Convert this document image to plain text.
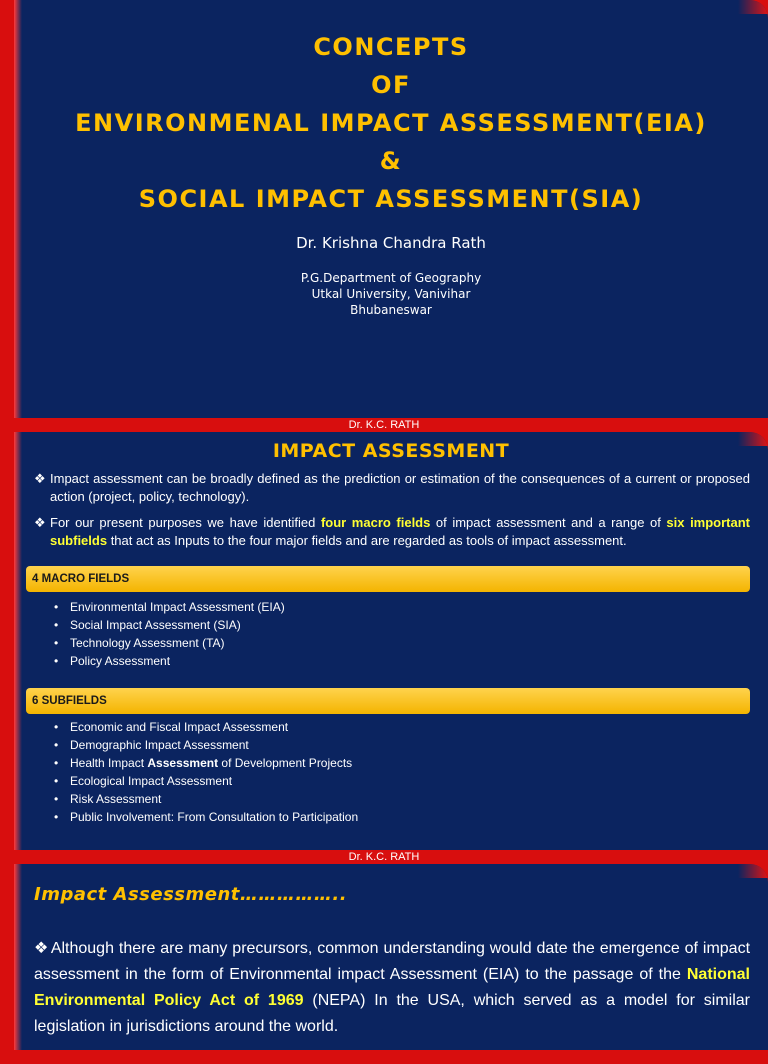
CONCEPTS
OF
ENVIRONMENAL IMPACT ASSESSMENT(EIA)
&
SOCIAL IMPACT ASSESSMENT(SIA)
Dr. Krishna Chandra Rath
P.G.Department of Geography
Utkal University, Vanivihar
Bhubaneswar
Dr. K.C. RATH
IMPACT ASSESSMENT

❖ Impact assessment can be broadly defined as the prediction or estimation of the consequences of a current or proposed action (project, policy, technology).

❖ For our present purposes we have identified four macro fields of impact assessment and a range of six important subfields that act as Inputs to the four major fields and are regarded as tools of impact assessment.

4 MACRO FIELDS
• Environmental Impact Assessment (EIA)
• Social Impact Assessment (SIA)
• Technology Assessment (TA)
• Policy Assessment
6 SUBFIELDS
• Economic and Fiscal Impact Assessment
• Demographic Impact Assessment
• Health Impact Assessment of Development Projects
• Ecological Impact Assessment
• Risk Assessment
• Public Involvement: From Consultation to Participation
Dr. K.C. RATH
Impact Assessment……………..
❖ Although there are many precursors, common understanding would date the emergence of impact assessment in the form of Environmental impact Assessment (EIA) to the passage of the National Environmental Policy Act of 1969 (NEPA) In the USA, which served as a model for similar legislation in jurisdictions around the world.
